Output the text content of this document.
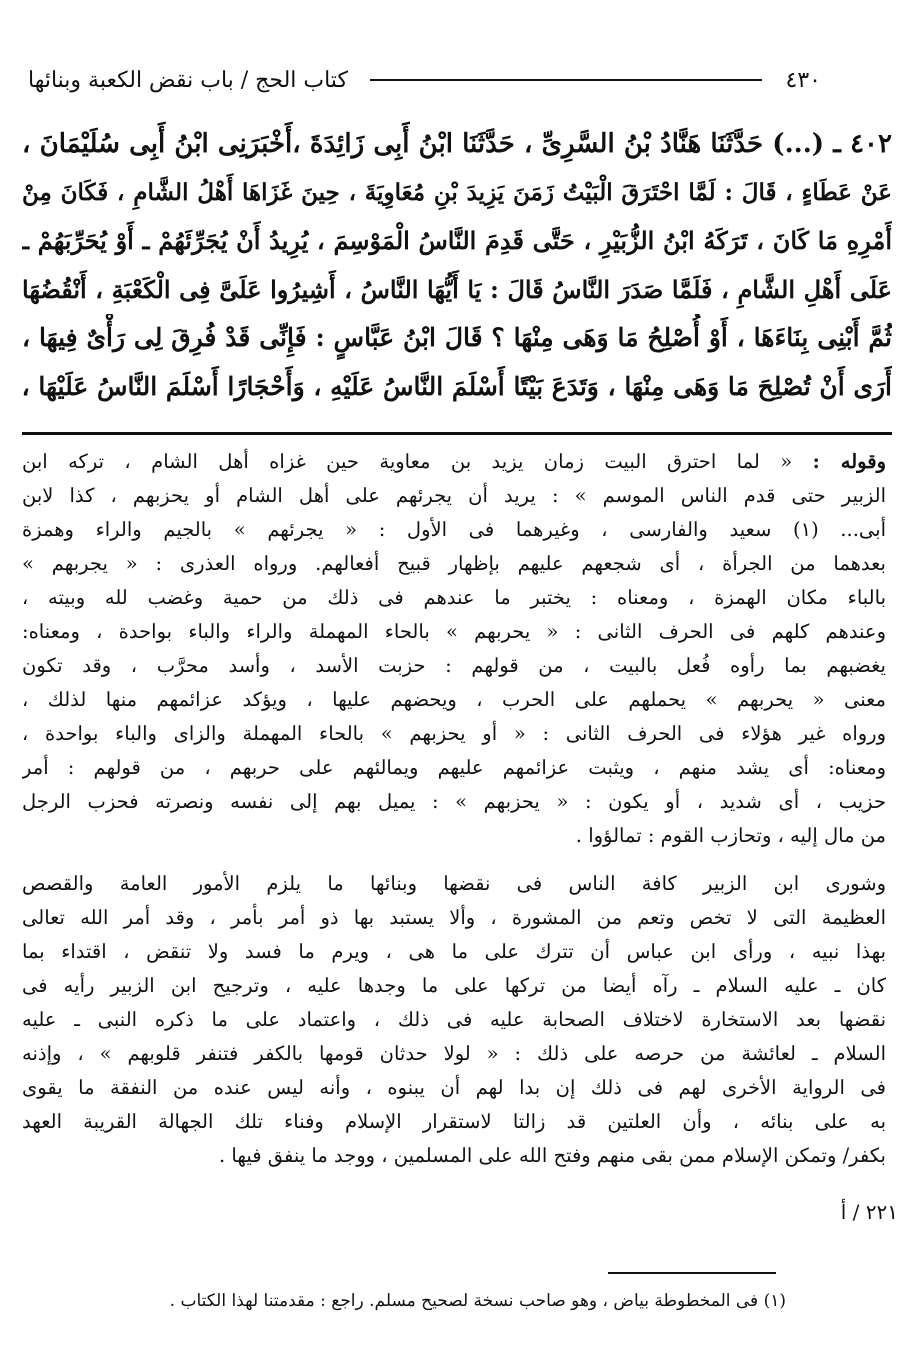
٤٣٠
كتاب الحج / باب نقض الكعبة وبنائها
٤٠٢ ـ (...) حَدَّثَنَا هَنَّادُ بْنُ السَّرِىِّ ، حَدَّثَنَا ابْنُ أَبِى زَائِدَةَ ،أَخْبَرَنِى ابْنُ أَبِى سُلَيْمَانَ ،
عَنْ عَطَاءٍ ، قَالَ : لَمَّا احْتَرَقَ الْبَيْتُ زَمَنَ يَزِيدَ بْنِ مُعَاوِيَةَ ، حِينَ غَزَاهَا أَهْلُ الشَّامِ ، فَكَانَ مِنْ
أَمْرِهِ مَا كَانَ ، تَرَكَهُ ابْنُ الزُّبَيْرِ ، حَتَّى قَدِمَ النَّاسُ الْمَوْسِمَ ، يُرِيدُ أَنْ يُجَرِّئَهُمْ ـ أَوْ يُحَرِّبَهُمْ ـ
عَلَى أَهْلِ الشَّامِ ، فَلَمَّا صَدَرَ النَّاسُ قَالَ : يَا أَيُّهَا النَّاسُ ، أَشِيرُوا عَلَىَّ فِى الْكَعْبَةِ ، أَنْقُضُهَا
ثُمَّ أَبْنِى بِنَاءَهَا ، أَوْ أُصْلِحُ مَا وَهَى مِنْهَا ؟ قَالَ ابْنُ عَبَّاسٍ : فَإِنِّى قَدْ فُرِقَ لِى رَأْىٌ فِيهَا ،
أَرَى أَنْ تُصْلِحَ مَا وَهَى مِنْهَا ، وَتَدَعَ بَيْتًا أَسْلَمَ النَّاسُ عَلَيْهِ ، وَأَحْجَارًا أَسْلَمَ النَّاسُ عَلَيْهَا ،
وقوله : « لما احترق البيت زمان يزيد بن معاوية حين غزاه أهل الشام ، تركه ابن
الزبير حتى قدم الناس الموسم » : يريد أن يجرئهم على أهل الشام أو يحزبهم ، كذا لابن
أبى... (١) سعيد والفارسى ، وغيرهما فى الأول : « يجرئهم » بالجيم والراء وهمزة
بعدهما من الجرأة ، أى شجعهم عليهم بإظهار قبيح أفعالهم. ورواه العذرى : « يجربهم »
بالباء مكان الهمزة ، ومعناه : يختبر ما عندهم فى ذلك من حمية وغضب لله وبيته ،
وعندهم كلهم فى الحرف الثانى : « يحربهم » بالحاء المهملة والراء والباء بواحدة ، ومعناه:
يغضبهم بما رأوه فُعل بالبيت ، من قولهم : حزبت الأسد ، وأسد محرَّب ، وقد تكون
معنى « يحربهم » يحملهم على الحرب ، ويحضهم عليها ، ويؤكد عزائمهم منها لذلك ،
ورواه غير هؤلاء فى الحرف الثانى : « أو يحزبهم » بالحاء المهملة والزاى والباء بواحدة ،
ومعناه: أى يشد منهم ، ويثبت عزائمهم عليهم ويمالئهم على حربهم ، من قولهم : أمر
حزيب ، أى شديد ، أو يكون : « يحزبهم » : يميل بهم إلى نفسه ونصرته فحزب الرجل
من مال إليه ، وتحازب القوم : تمالؤوا .
وشورى ابن الزبير كافة الناس فى نقضها وبنائها ما يلزم الأمور العامة والقصص
العظيمة التى لا تخص وتعم من المشورة ، وألا يستبد بها ذو أمر بأمر ، وقد أمر الله تعالى
بهذا نبيه ، ورأى ابن عباس أن تترك على ما هى ، ويرم ما فسد ولا تنقض ، اقتداء بما
كان ـ عليه السلام ـ رآه أيضا من تركها على ما وجدها عليه ، وترجيح ابن الزبير رأيه فى
نقضها بعد الاستخارة لاختلاف الصحابة عليه فى ذلك ، واعتماد على ما ذكره النبى ـ عليه
السلام ـ لعائشة من حرصه على ذلك : « لولا حدثان قومها بالكفر فتنفر قلوبهم » ، وإذنه
فى الرواية الأخرى لهم فى ذلك إن بدا لهم أن يبنوه ، وأنه ليس عنده من النفقة ما يقوى
به على بنائه ، وأن العلتين قد زالتا لاستقرار الإسلام وفناء تلك الجهالة القريبة العهد
بكفر/ وتمكن الإسلام ممن بقى منهم وفتح الله على المسلمين ، ووجد ما ينفق فيها .
٢٢١ / أ
(١) فى المخطوطة بياض ، وهو صاحب نسخة لصحيح مسلم. راجع : مقدمتنا لهذا الكتاب .
